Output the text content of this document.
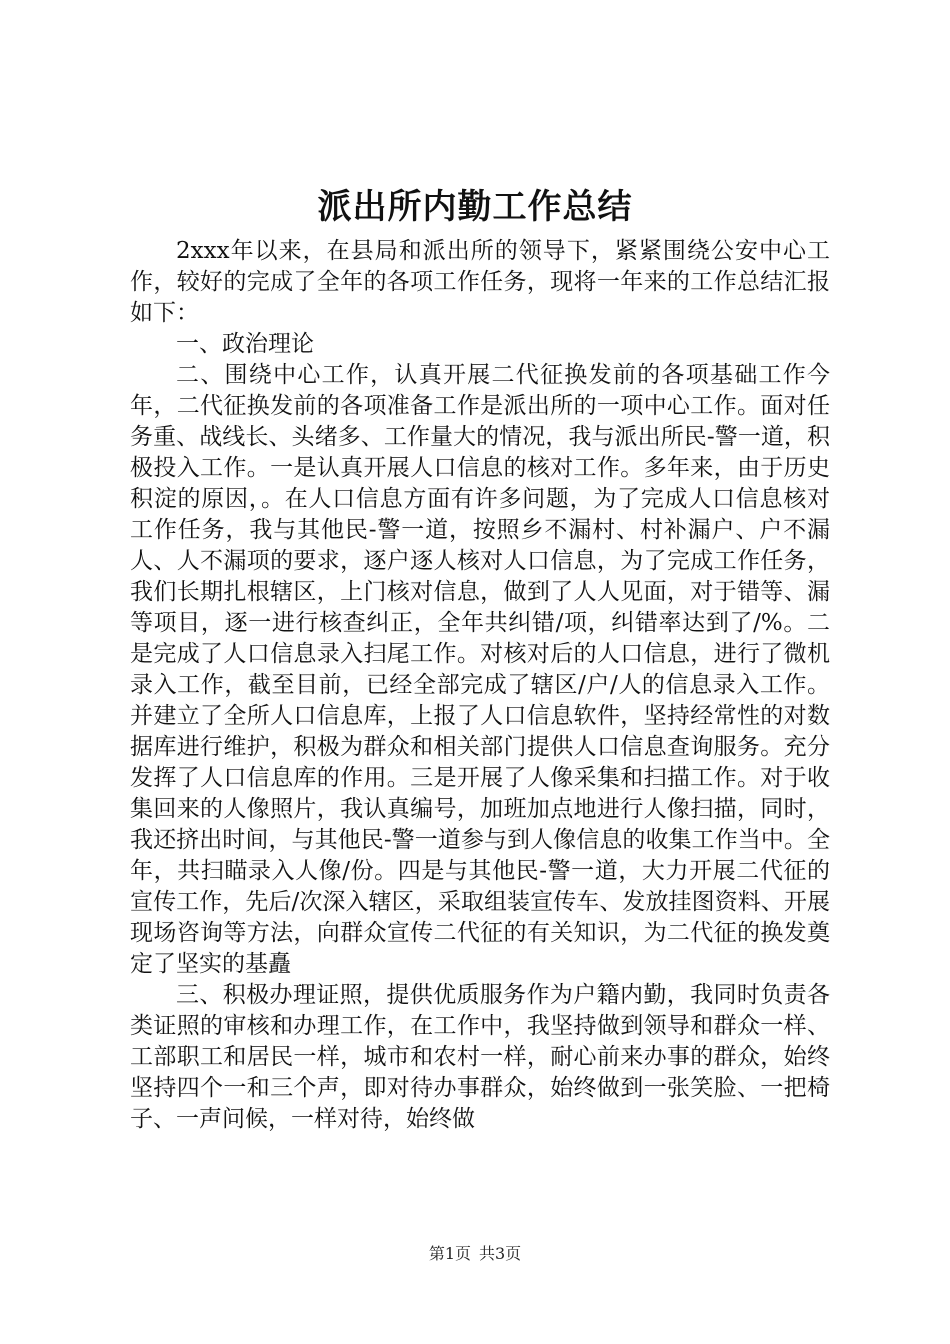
派出所内勤工作总结

2xxx年以来，在县局和派出所的领导下，紧紧围绕公安中心工作，较好的完成了全年的各项工作任务，现将一年来的工作总结汇报如下：

一、政治理论

二、围绕中心工作，认真开展二代征换发前的各项基础工作今年，二代征换发前的各项准备工作是派出所的一项中心工作。面对任务重、战线长、头绪多、工作量大的情况，我与派出所民-警一道，积极投入工作。一是认真开展人口信息的核对工作。多年来，由于历史积淀的原因，。在人口信息方面有许多问题，为了完成人口信息核对工作任务，我与其他民-警一道，按照乡不漏村、村补漏户、户不漏人、人不漏项的要求，逐户逐人核对人口信息，为了完成工作任务，我们长期扎根辖区，上门核对信息，做到了人人见面，对于错等、漏等项目，逐一进行核查纠正，全年共纠错/项，纠错率达到了/%。二是完成了人口信息录入扫尾工作。对核对后的人口信息，进行了微机录入工作，截至目前，已经全部完成了辖区/户/人的信息录入工作。并建立了全所人口信息库，上报了人口信息软件，坚持经常性的对数据库进行维护，积极为群众和相关部门提供人口信息查询服务。充分发挥了人口信息库的作用。三是开展了人像采集和扫描工作。对于收集回来的人像照片，我认真编号，加班加点地进行人像扫描，同时，我还挤出时间，与其他民-警一道参与到人像信息的收集工作当中。全年，共扫瞄录入人像/份。四是与其他民-警一道，大力开展二代征的宣传工作，先后/次深入辖区，采取组装宣传车、发放挂图资料、开展现场咨询等方法，向群众宣传二代征的有关知识，为二代征的换发奠定了坚实的基矗

三、积极办理证照，提供优质服务作为户籍内勤，我同时负责各类证照的审核和办理工作，在工作中，我坚持做到领导和群众一样、工部职工和居民一样，城市和农村一样，耐心前来办事的群众，始终坚持四个一和三个声，即对待办事群众，始终做到一张笑脸、一把椅子、一声问候，一样对待，始终做

第1页 共3页
